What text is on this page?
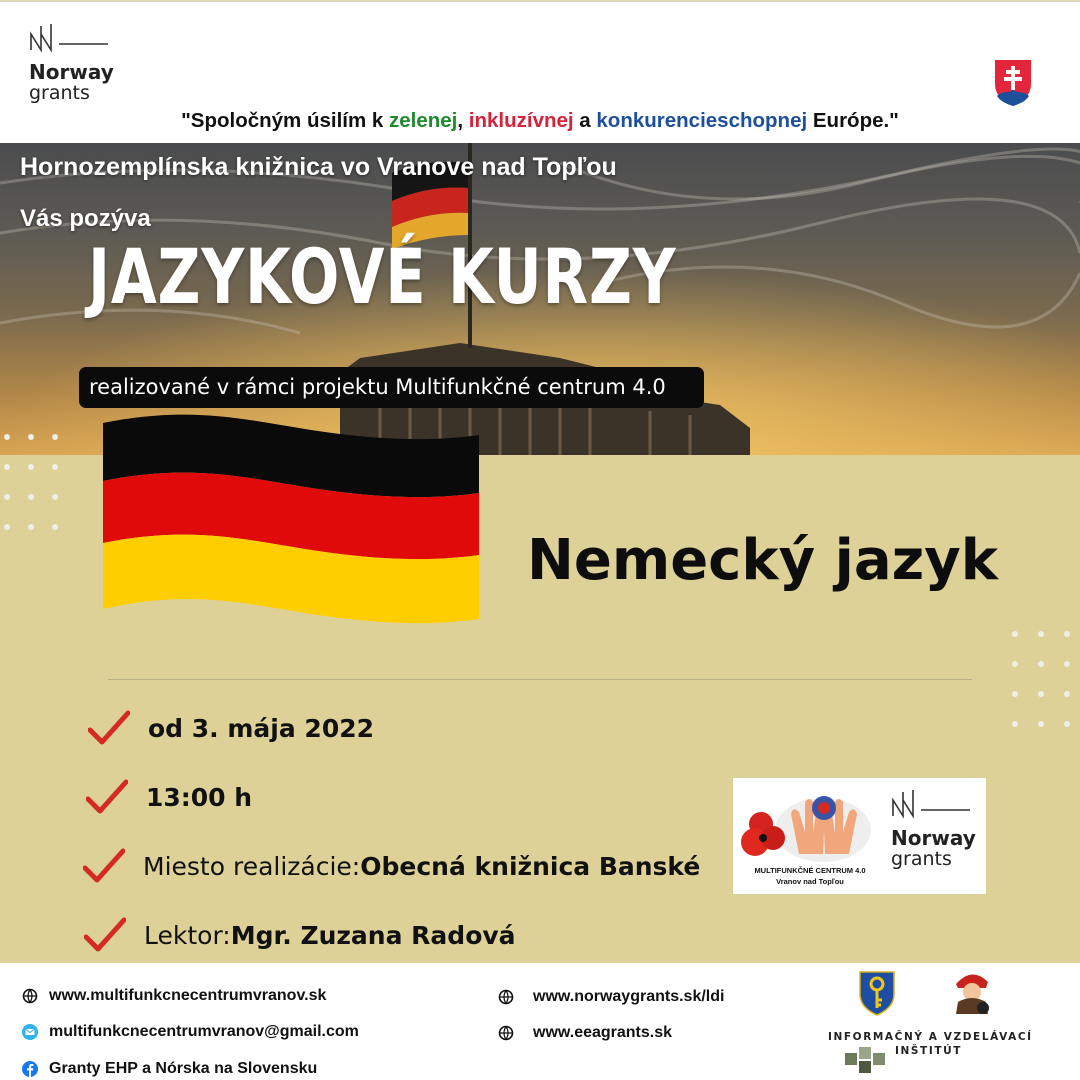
Norway
grants
"Spoločným úsilím k zelenej, inkluzívnej a konkurencieschopnej Európe."
Hornozemplínska knižnica vo Vranove nad Topľou
Vás pozýva
JAZYKOVÉ KURZY
realizované v rámci projektu Multifunkčné centrum 4.0
Nemecký jazyk
od 3. mája 2022
13:00 h
Miesto realizácie: Obecná knižnica Banské
Lektor: Mgr. Zuzana Radová
MULTIFUNKČNÉ CENTRUM 4.0
Vranov nad Topľou
Norway
grants
www.multifunkcnecentrumvranov.sk
multifunkcnecentrumvranov@gmail.com
Granty EHP a Nórska na Slovensku
www.norwaygrants.sk/ldi
www.eeagrants.sk	INFORMAČNÝ A VZDELÁVACÍ
INŠTITÚT
